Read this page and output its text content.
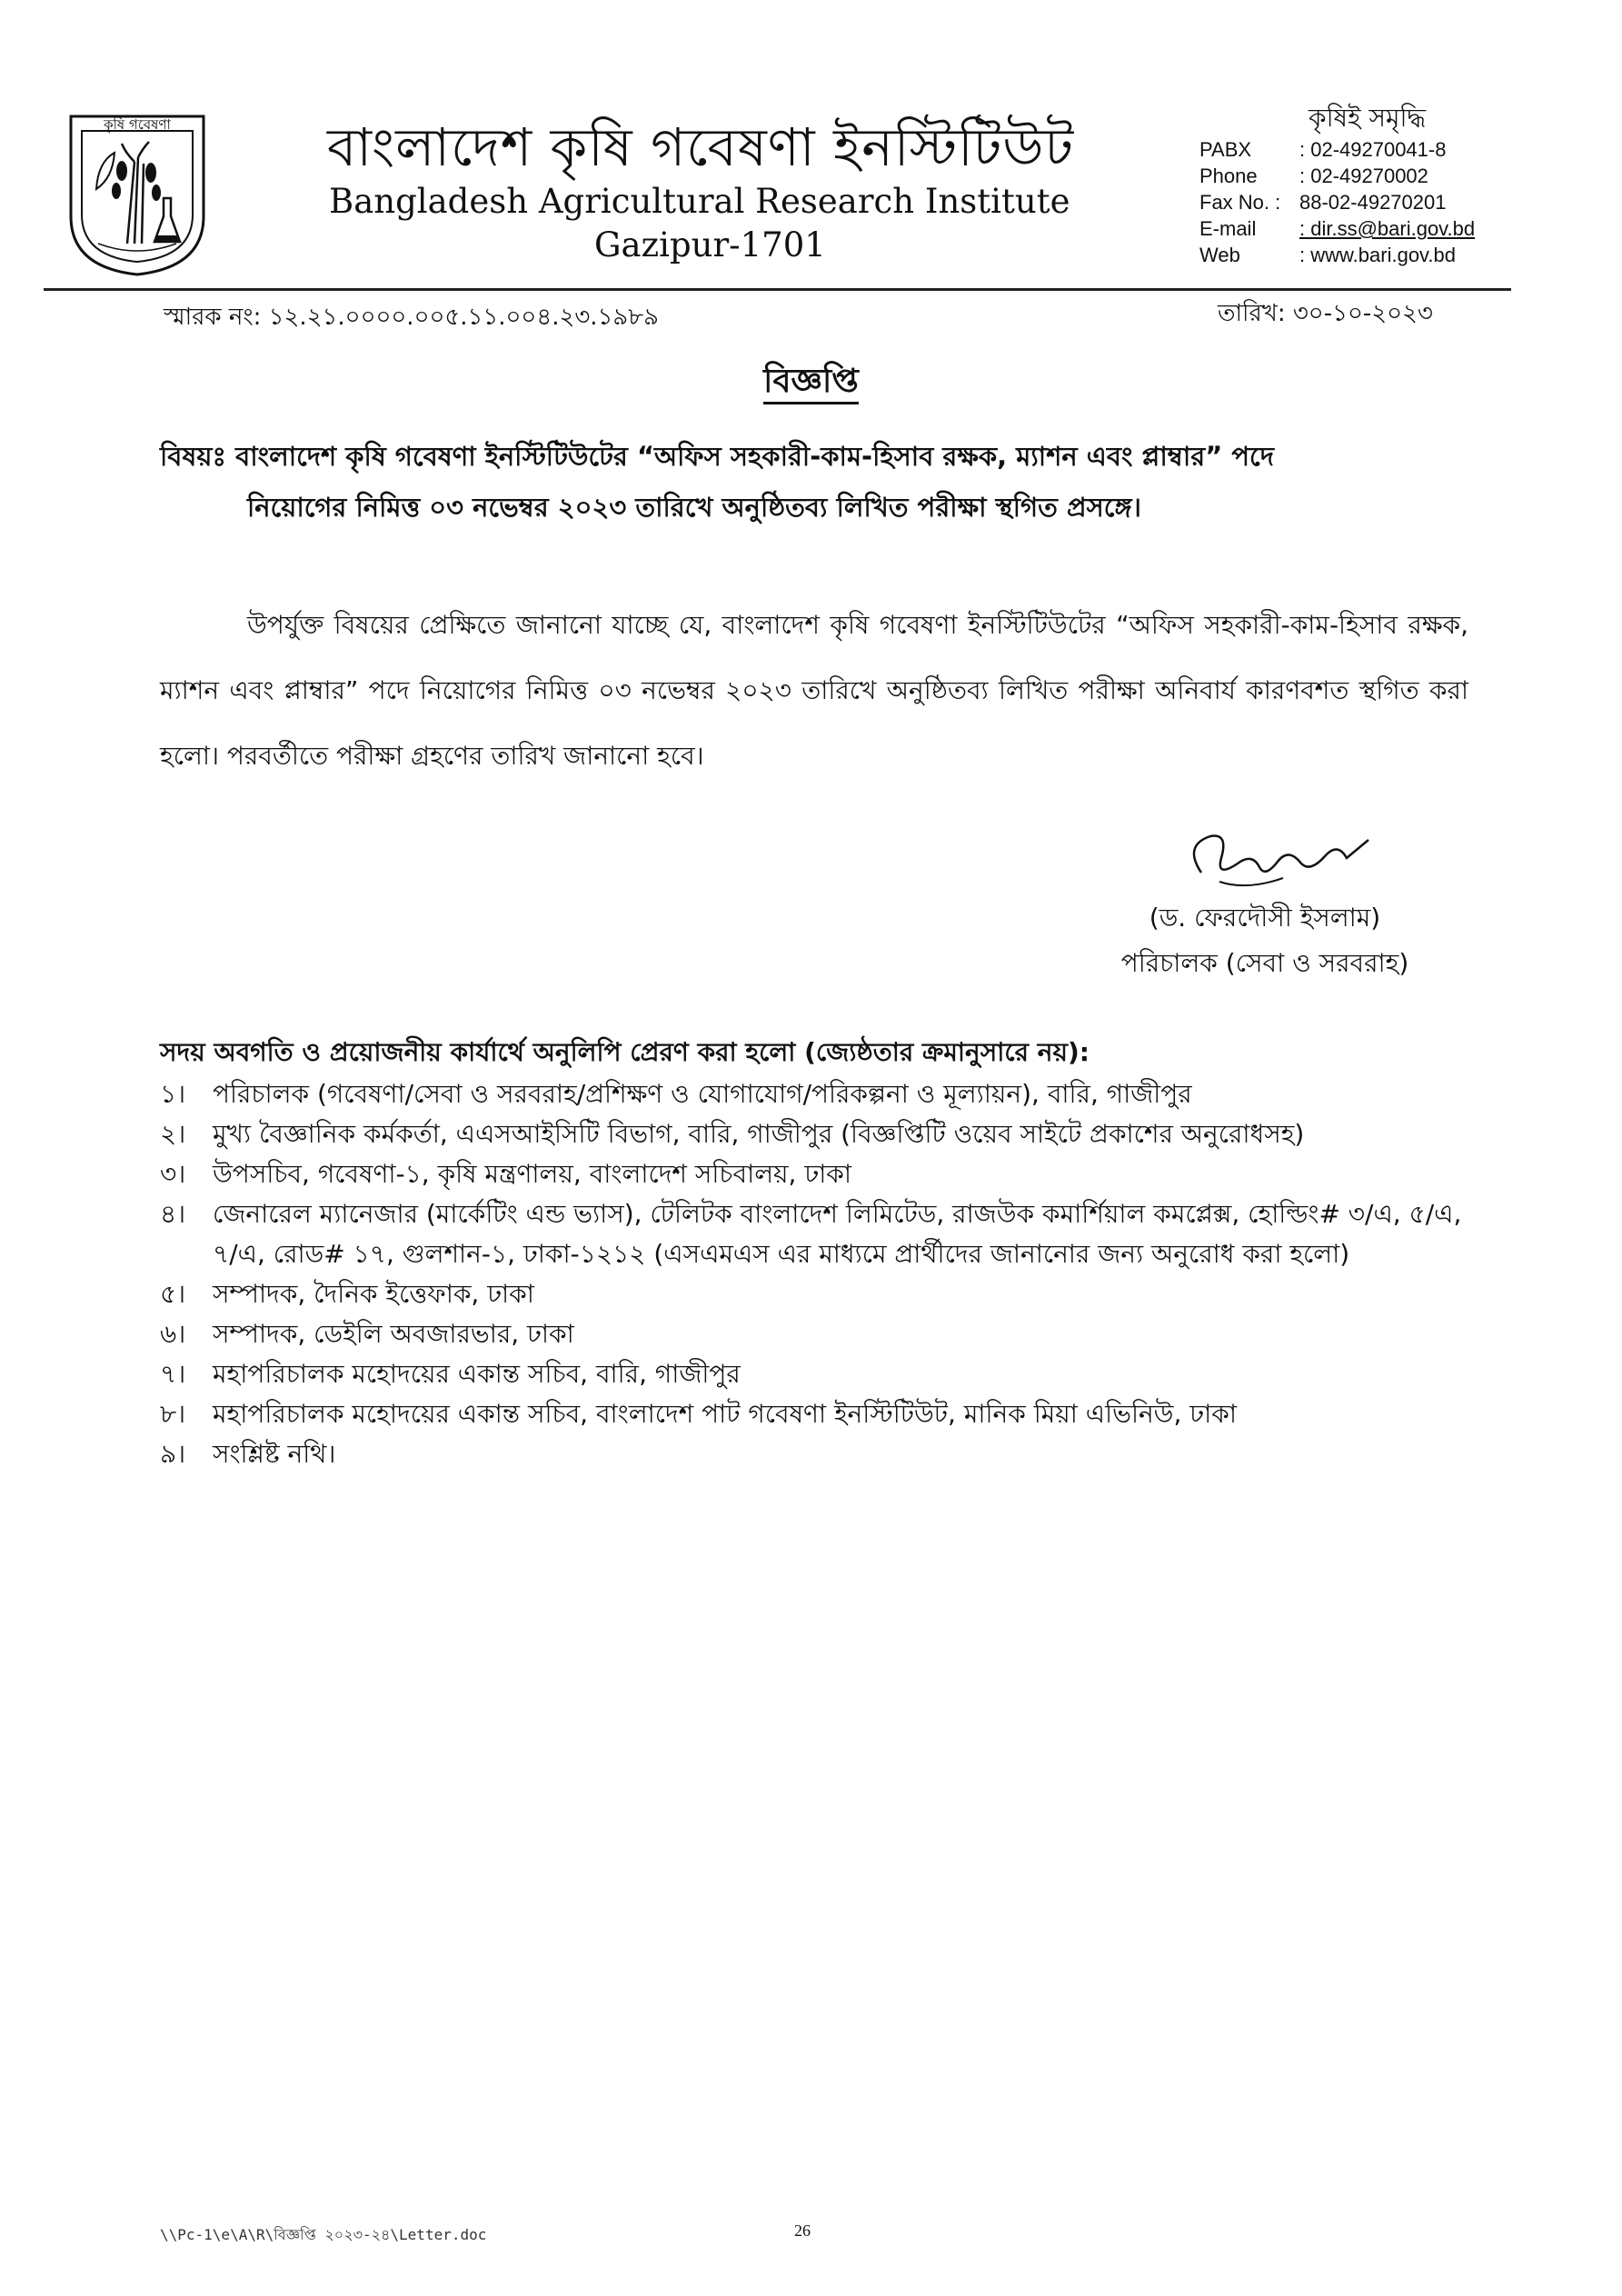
কৃষি গবেষণা	বাংলাদেশ কৃষি গবেষণা ইনস্টিটিউট
Bangladesh Agricultural Research Institute
Gazipur-1701
কৃষিই সমৃদ্ধি
PABX	: 02-49270041-8
Phone	: 02-49270002
Fax No. : 88-02-49270201
E-mail	: dir.ss@bari.gov.bd
Web	: www.bari.gov.bd
স্মারক নং: ১২.২১.০০০০.০০৫.১১.০০৪.২৩.১৯৮৯	তারিখ: ৩০-১০-২০২৩
বিজ্ঞপ্তি
বিষয়ঃ বাংলাদেশ কৃষি গবেষণা ইনস্টিটিউটের “অফিস সহকারী-কাম-হিসাব রক্ষক, ম্যাশন এবং প্লাম্বার” পদে
নিয়োগের নিমিত্ত ০৩ নভেম্বর ২০২৩ তারিখে অনুষ্ঠিতব্য লিখিত পরীক্ষা স্থগিত প্রসঙ্গে।
উপর্যুক্ত বিষয়ের প্রেক্ষিতে জানানো যাচ্ছে যে, বাংলাদেশ কৃষি গবেষণা ইনস্টিটিউটের “অফিস সহকারী-কাম-হিসাব রক্ষক, ম্যাশন এবং প্লাম্বার” পদে নিয়োগের নিমিত্ত ০৩ নভেম্বর ২০২৩ তারিখে অনুষ্ঠিতব্য লিখিত পরীক্ষা অনিবার্য কারণবশত স্থগিত করা হলো। পরবর্তীতে পরীক্ষা গ্রহণের তারিখ জানানো হবে।
(ড. ফেরদৌসী ইসলাম)
পরিচালক (সেবা ও সরবরাহ)
সদয় অবগতি ও প্রয়োজনীয় কার্যার্থে অনুলিপি প্রেরণ করা হলো (জ্যেষ্ঠতার ক্রমানুসারে নয়):
১।	পরিচালক (গবেষণা/সেবা ও সরবরাহ/প্রশিক্ষণ ও যোগাযোগ/পরিকল্পনা ও মূল্যায়ন), বারি, গাজীপুর
২।	মুখ্য বৈজ্ঞানিক কর্মকর্তা, এএসআইসিটি বিভাগ, বারি, গাজীপুর (বিজ্ঞপ্তিটি ওয়েব সাইটে প্রকাশের অনুরোধসহ)
৩।	উপসচিব, গবেষণা-১, কৃষি মন্ত্রণালয়, বাংলাদেশ সচিবালয়, ঢাকা
৪।	জেনারেল ম্যানেজার (মার্কেটিং এন্ড ভ্যাস), টেলিটক বাংলাদেশ লিমিটেড, রাজউক কমার্শিয়াল কমপ্লেক্স, হোল্ডিং# ৩/এ, ৫/এ, ৭/এ, রোড# ১৭, গুলশান-১, ঢাকা-১২১২ (এসএমএস এর মাধ্যমে প্রার্থীদের জানানোর জন্য অনুরোধ করা হলো)
৫।	সম্পাদক, দৈনিক ইত্তেফাক, ঢাকা
৬।	সম্পাদক, ডেইলি অবজারভার, ঢাকা
৭।	মহাপরিচালক মহোদয়ের একান্ত সচিব, বারি, গাজীপুর
৮।	মহাপরিচালক মহোদয়ের একান্ত সচিব, বাংলাদেশ পাট গবেষণা ইনস্টিটিউট, মানিক মিয়া এভিনিউ, ঢাকা
৯।	সংশ্লিষ্ট নথি।
\\Pc-1\e\A\R\বিজ্ঞপ্তি ২০২৩-২৪\Letter.doc	26
